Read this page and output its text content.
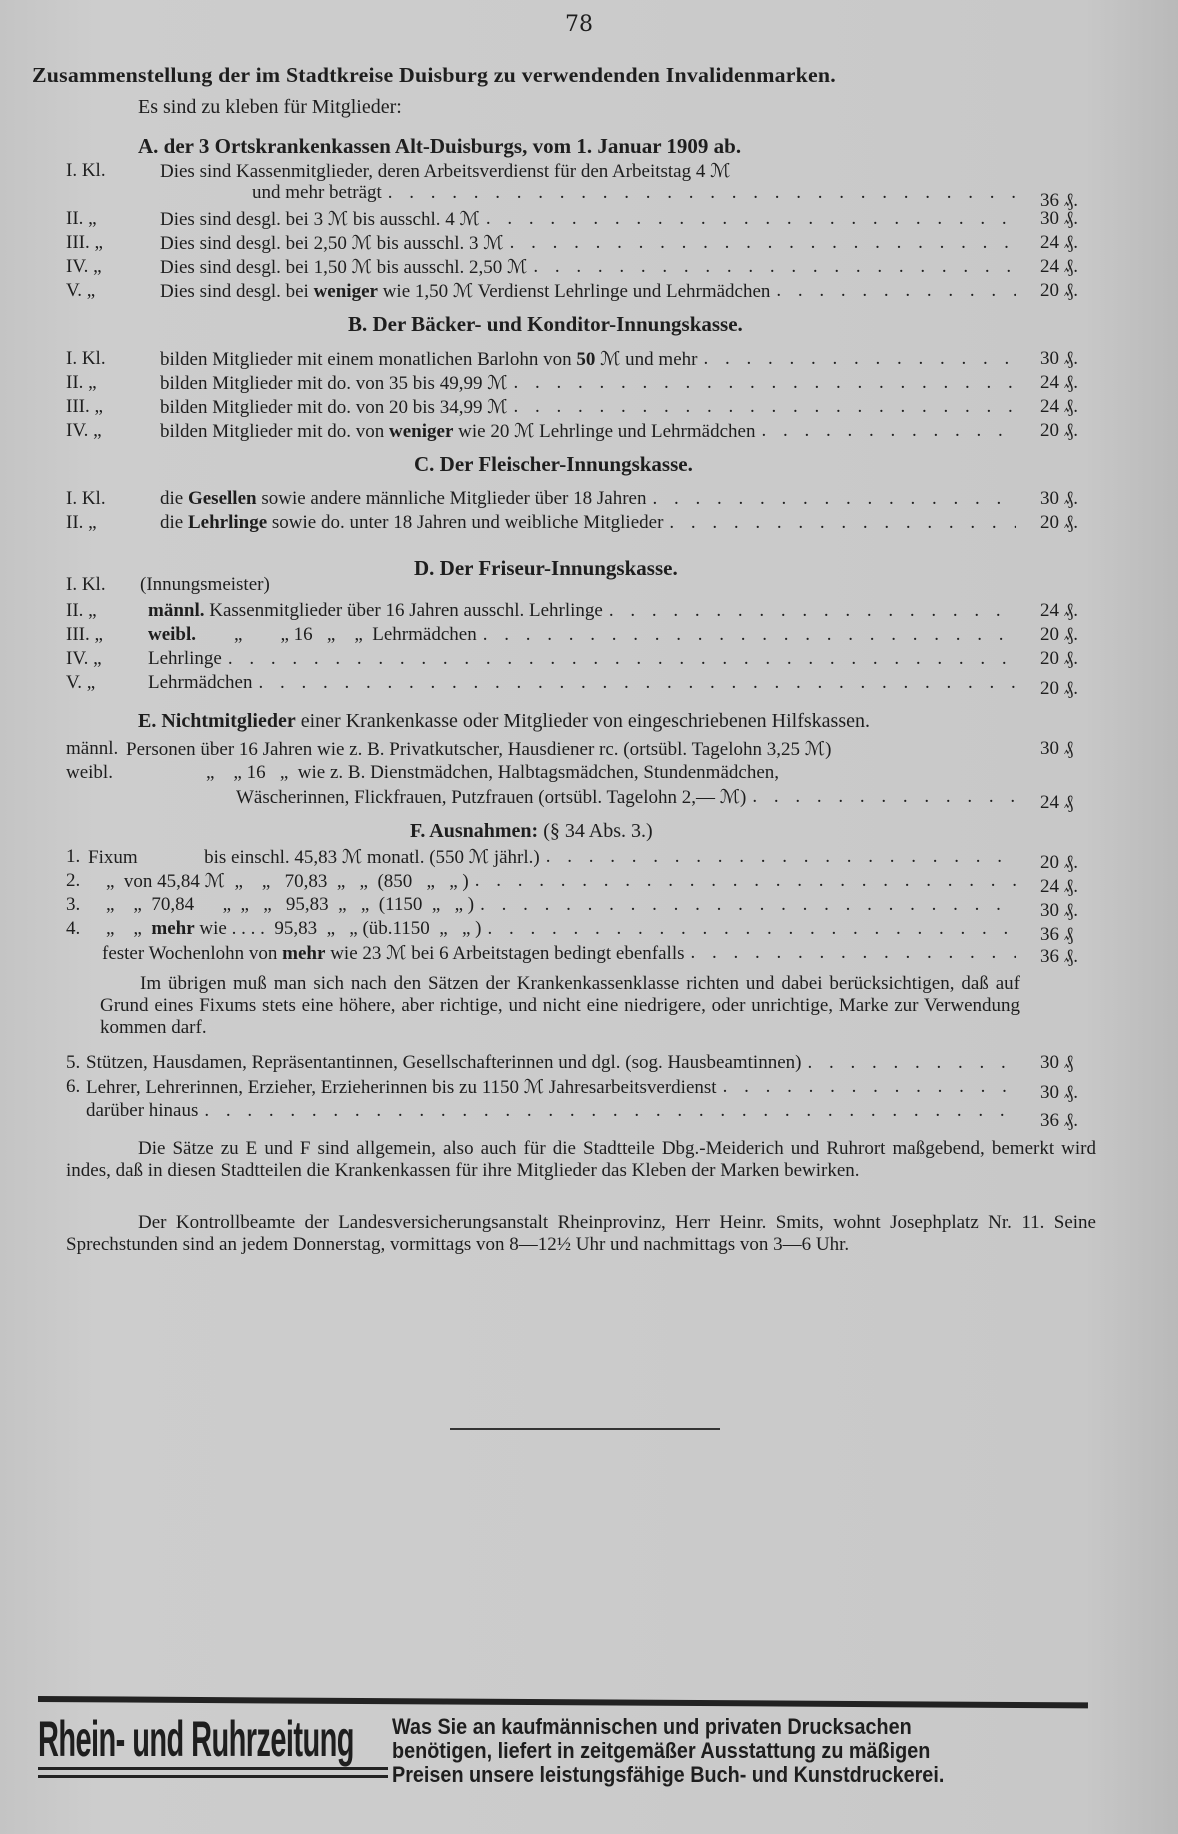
78
Zusammenstellung der im Stadtkreise Duisburg zu verwendenden Invalidenmarken.
Es sind zu kleben für Mitglieder:
A. der 3 Ortskrankenkassen Alt-Duisburgs, vom 1. Januar 1909 ab.
I. Kl.	Dies sind Kassenmitglieder, deren Arbeitsverdienst für den Arbeitstag 4 ℳ
und mehr beträgt . . .	36 ₰.
II. „	Dies sind desgl. bei 3 ℳ bis ausschl. 4 ℳ . . .	30 ₰.
III. „	Dies sind desgl. bei 2,50 ℳ bis ausschl. 3 ℳ . . .	24 ₰.
IV. „	Dies sind desgl. bei 1,50 ℳ bis ausschl. 2,50 ℳ . . .	24 ₰.
V. „	Dies sind desgl. bei weniger wie 1,50 ℳ Verdienst Lehrlinge und Lehrmädchen . . .	20 ₰.
B. Der Bäcker- und Konditor-Innungskasse.
I. Kl.	bilden Mitglieder mit einem monatlichen Barlohn von 50 ℳ und mehr . . .	30 ₰.
II. „	bilden Mitglieder mit do. von 35 bis 49,99 ℳ . . .	24 ₰.
III. „	bilden Mitglieder mit do. von 20 bis 34,99 ℳ . . .	24 ₰.
IV. „	bilden Mitglieder mit do. von weniger wie 20 ℳ Lehrlinge und Lehrmädchen . . .	20 ₰.
C. Der Fleischer-Innungskasse.
I. Kl.	die Gesellen sowie andere männliche Mitglieder über 18 Jahren . . .	30 ₰.
II. „	die Lehrlinge sowie do. unter 18 Jahren und weibliche Mitglieder . . .	20 ₰.
D. Der Friseur-Innungskasse.
I. Kl.	(Innungsmeister)
II. „	männl. Kassenmitglieder über 16 Jahren ausschl. Lehrlinge . . .	24 ₰.
III. „	weibl.        „        „ 16   „    „  Lehrmädchen . . .	20 ₰.
IV. „	Lehrlinge . . .	20 ₰.
V. „	Lehrmädchen . . .	20 ₰.
E. Nichtmitglieder einer Krankenkasse oder Mitglieder von eingeschriebenen Hilfskassen.
männl. Personen über 16 Jahren wie z. B. Privatkutscher, Hausdiener rc. (ortsübl. Tagelohn 3,25 ℳ)	30 ₰
weibl.	„    „ 16   „  wie z. B. Dienstmädchen, Halbtagsmädchen, Stundenmädchen,
Wäscherinnen, Flickfrauen, Putzfrauen (ortsübl. Tagelohn 2,— ℳ) . . .	24 ₰
F. Ausnahmen: (§ 34 Abs. 3.)
1. Fixum              bis einschl. 45,83 ℳ monatl. (550 ℳ jährl.) . . .	20 ₰.
2.	„  von 45,84 ℳ  „    „   70,83  „   „  (850   „   „ ) . . .	24 ₰.
3.	„    „  70,84      „  „   „   95,83  „   „  (1150  „   „ ) . . .	30 ₰.
4.	„    „  mehr wie . . . .  95,83  „   „ (üb.1150  „   „ ) . . .	36 ₰
fester Wochenlohn von mehr wie 23 ℳ bei 6 Arbeitstagen bedingt ebenfalls . . .	36 ₰.
Im übrigen muß man sich nach den Sätzen der Krankenkassenklasse richten und dabei berücksichtigen, daß auf Grund eines Fixums stets eine höhere, aber richtige, und nicht eine niedrigere, oder unrichtige, Marke zur Verwendung kommen darf.
5. Stützen, Hausdamen, Repräsentantinnen, Gesellschafterinnen und dgl. (sog. Hausbeamtinnen) . . .	30 ₰
6. Lehrer, Lehrerinnen, Erzieher, Erzieherinnen bis zu 1150 ℳ Jahresarbeitsverdienst . . .	30 ₰.
darüber hinaus . . .	36 ₰.
Die Sätze zu E und F sind allgemein, also auch für die Stadtteile Dbg.-Meiderich und Ruhrort maßgebend, bemerkt wird indes, daß in diesen Stadtteilen die Krankenkassen für ihre Mitglieder das Kleben der Marken bewirken.
Der Kontrollbeamte der Landesversicherungsanstalt Rheinprovinz, Herr Heinr. Smits, wohnt Josephplatz Nr. 11. Seine Sprechstunden sind an jedem Donnerstag, vormittags von 8—12½ Uhr und nachmittags von 3—6 Uhr.
Rhein- und Ruhrzeitung Was Sie an kaufmännischen und privaten Drucksachen
benötigen, liefert in zeitgemäßer Ausstattung zu mäßigen
Preisen unsere leistungsfähige Buch- und Kunstdruckerei.
